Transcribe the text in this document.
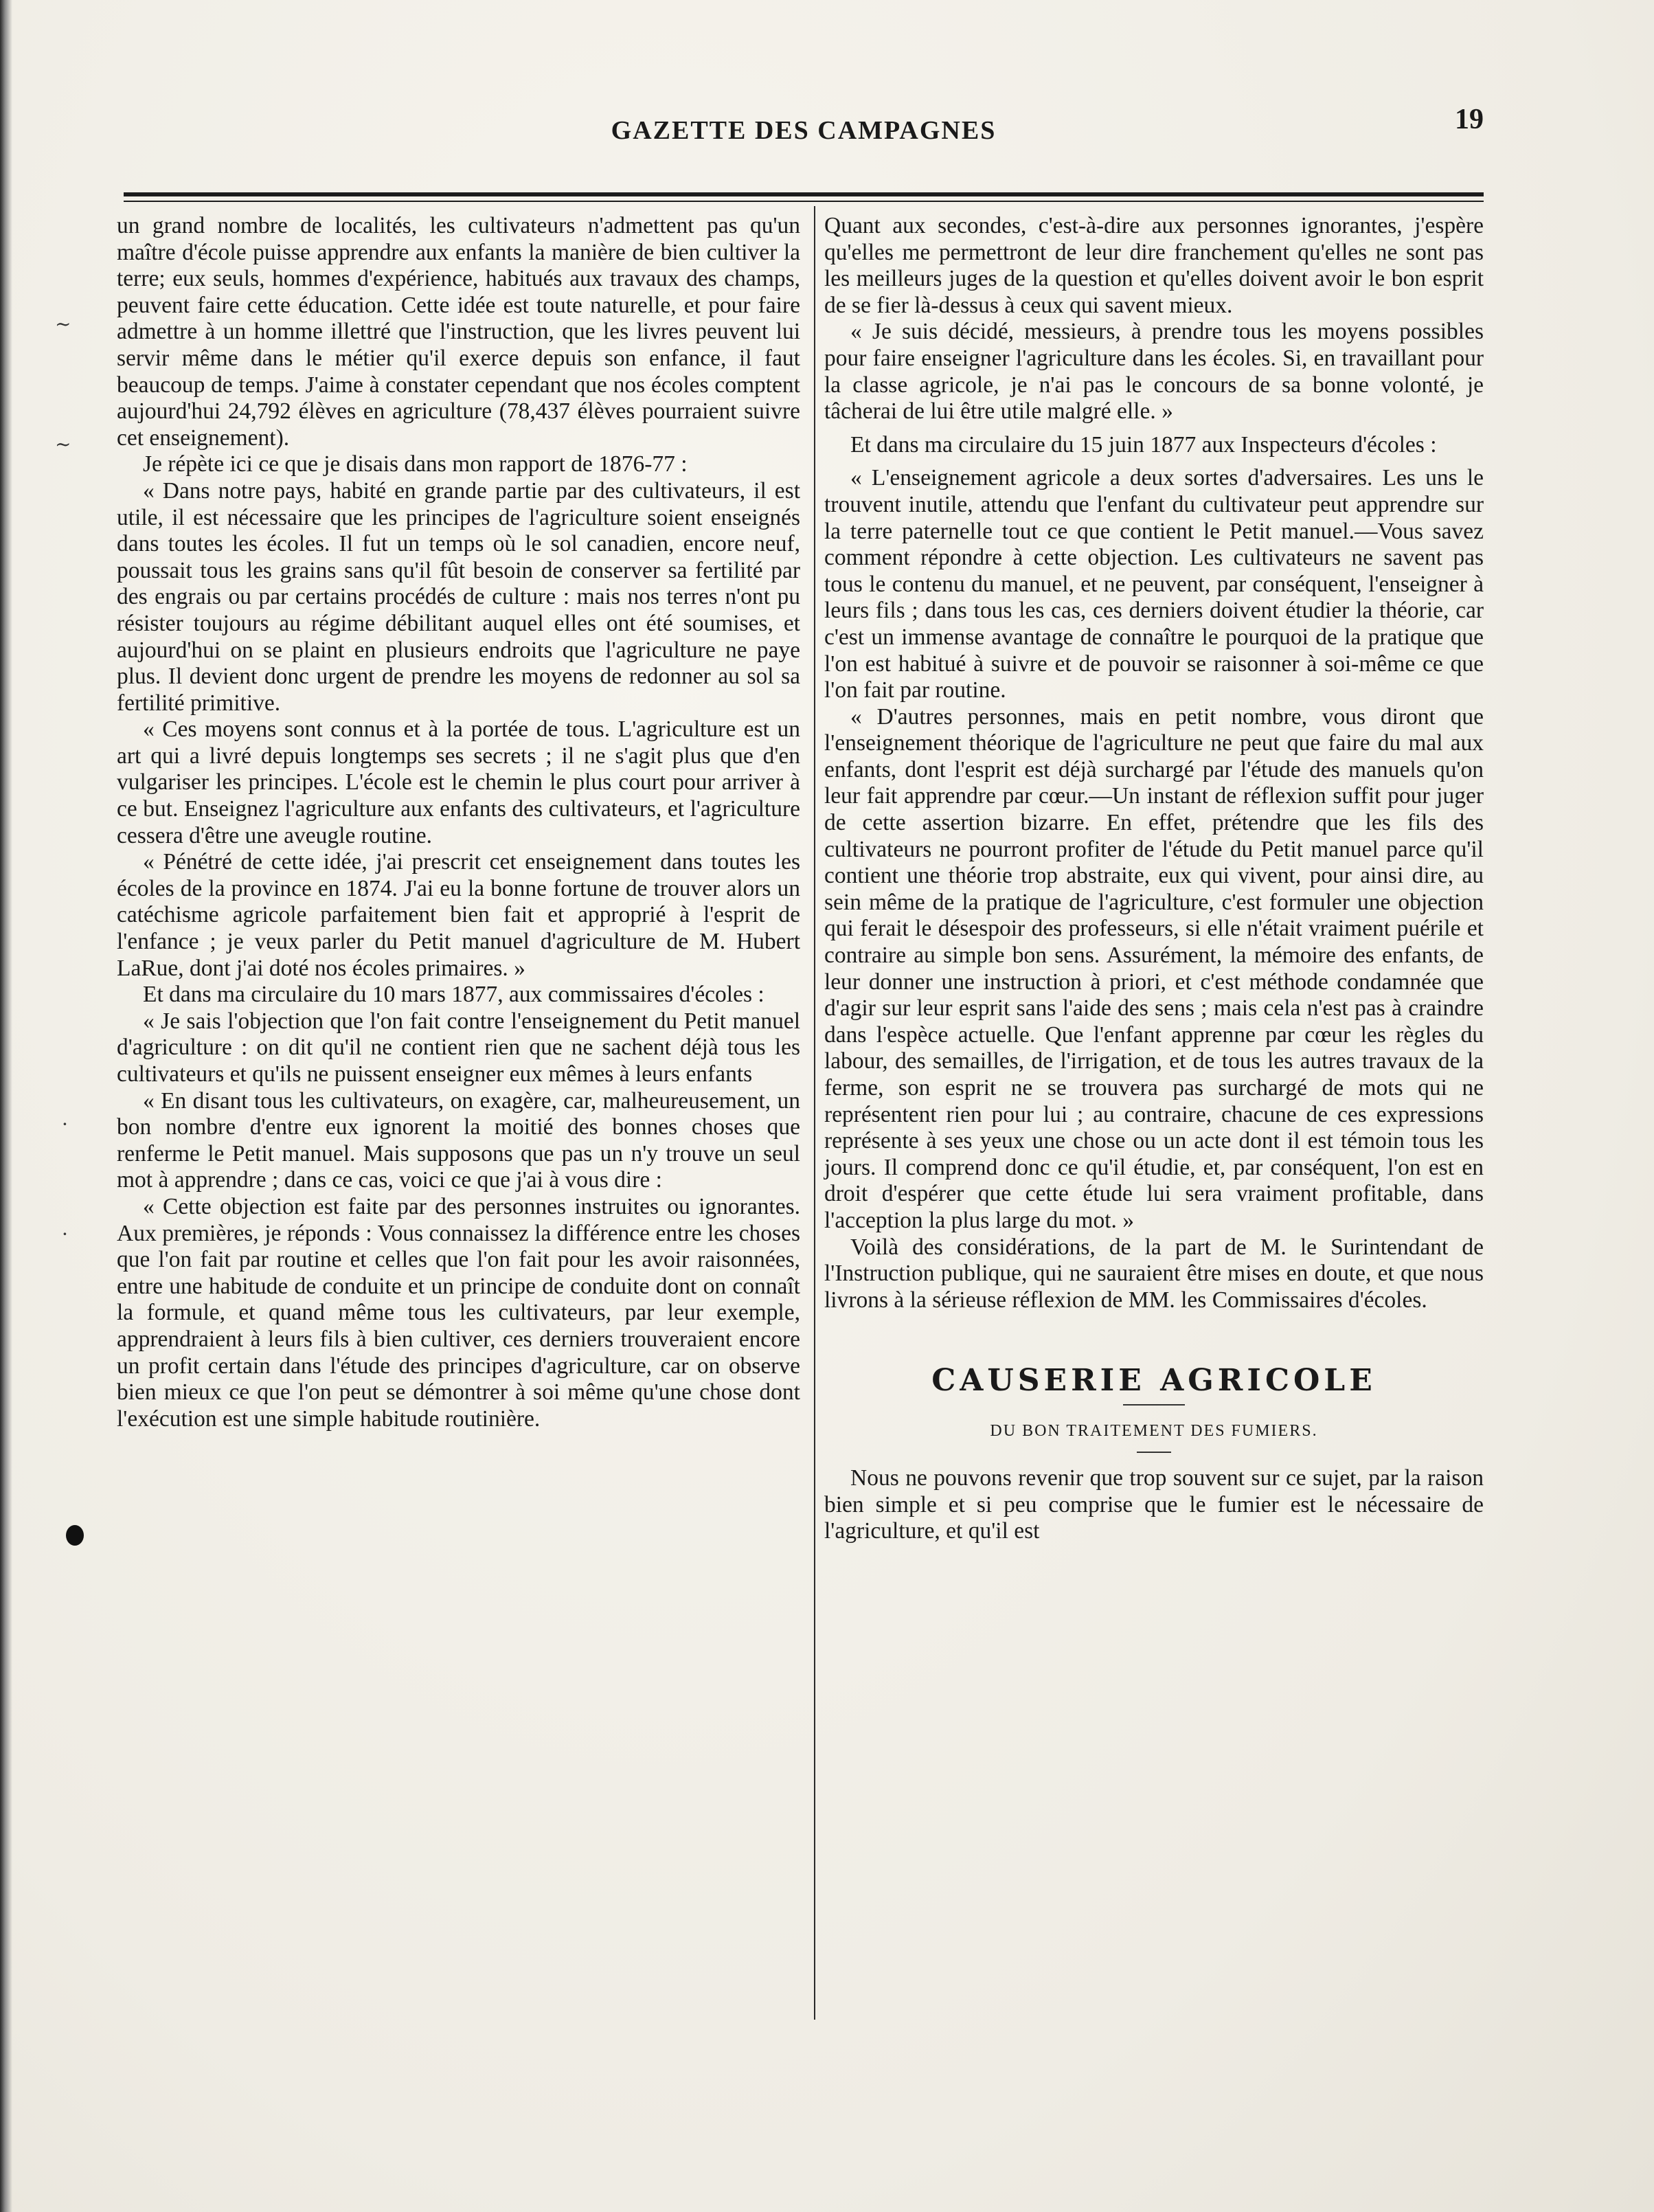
GAZETTE DES CAMPAGNES	19
~
~
·
·

un grand nombre de localités, les cultivateurs n'admettent pas qu'un maître d'école puisse apprendre aux enfants la manière de bien cultiver la terre; eux seuls, hommes d'expérience, habitués aux travaux des champs, peuvent faire cette éducation. Cette idée est toute naturelle, et pour faire admettre à un homme illettré que l'instruction, que les livres peuvent lui servir même dans le métier qu'il exerce depuis son enfance, il faut beaucoup de temps. J'aime à constater cependant que nos écoles comptent aujourd'hui 24,792 élèves en agriculture (78,437 élèves pourraient suivre cet enseignement).

Je répète ici ce que je disais dans mon rapport de 1876-77 :

« Dans notre pays, habité en grande partie par des cultivateurs, il est utile, il est nécessaire que les principes de l'agriculture soient enseignés dans toutes les écoles. Il fut un temps où le sol canadien, encore neuf, poussait tous les grains sans qu'il fût besoin de conserver sa fertilité par des engrais ou par certains procédés de culture : mais nos terres n'ont pu résister toujours au régime débilitant auquel elles ont été soumises, et aujourd'hui on se plaint en plusieurs endroits que l'agriculture ne paye plus. Il devient donc urgent de prendre les moyens de redonner au sol sa fertilité primitive.

« Ces moyens sont connus et à la portée de tous. L'agriculture est un art qui a livré depuis longtemps ses secrets ; il ne s'agit plus que d'en vulgariser les principes. L'école est le chemin le plus court pour arriver à ce but. Enseignez l'agriculture aux enfants des cultivateurs, et l'agriculture cessera d'être une aveugle routine.

« Pénétré de cette idée, j'ai prescrit cet enseignement dans toutes les écoles de la province en 1874. J'ai eu la bonne fortune de trouver alors un catéchisme agricole parfaitement bien fait et approprié à l'esprit de l'enfance ; je veux parler du Petit manuel d'agriculture de M. Hubert LaRue, dont j'ai doté nos écoles primaires. »

Et dans ma circulaire du 10 mars 1877, aux commissaires d'écoles :

« Je sais l'objection que l'on fait contre l'enseignement du Petit manuel d'agriculture : on dit qu'il ne contient rien que ne sachent déjà tous les cultivateurs et qu'ils ne puissent enseigner eux mêmes à leurs enfants

« En disant tous les cultivateurs, on exagère, car, malheureusement, un bon nombre d'entre eux ignorent la moitié des bonnes choses que renferme le Petit manuel. Mais supposons que pas un n'y trouve un seul mot à apprendre ; dans ce cas, voici ce que j'ai à vous dire :

« Cette objection est faite par des personnes instruites ou ignorantes. Aux premières, je réponds : Vous connaissez la différence entre les choses que l'on fait par routine et celles que l'on fait pour les avoir raisonnées, entre une habitude de conduite et un principe de conduite dont on connaît la formule, et quand même tous les cultivateurs, par leur exemple, apprendraient à leurs fils à bien cultiver, ces derniers trouveraient encore un profit certain dans l'étude des principes d'agriculture, car on observe bien mieux ce que l'on peut se démontrer à soi même qu'une chose dont l'exécution est une simple habitude routinière.

Quant aux secondes, c'est-à-dire aux personnes ignorantes, j'espère qu'elles me permettront de leur dire franchement qu'elles ne sont pas les meilleurs juges de la question et qu'elles doivent avoir le bon esprit de se fier là-dessus à ceux qui savent mieux.

« Je suis décidé, messieurs, à prendre tous les moyens possibles pour faire enseigner l'agriculture dans les écoles. Si, en travaillant pour la classe agricole, je n'ai pas le concours de sa bonne volonté, je tâcherai de lui être utile malgré elle. »

Et dans ma circulaire du 15 juin 1877 aux Inspecteurs d'écoles :

« L'enseignement agricole a deux sortes d'adversaires. Les uns le trouvent inutile, attendu que l'enfant du cultivateur peut apprendre sur la terre paternelle tout ce que contient le Petit manuel.—Vous savez comment répondre à cette objection. Les cultivateurs ne savent pas tous le contenu du manuel, et ne peuvent, par conséquent, l'enseigner à leurs fils ; dans tous les cas, ces derniers doivent étudier la théorie, car c'est un immense avantage de connaître le pourquoi de la pratique que l'on est habitué à suivre et de pouvoir se raisonner à soi-même ce que l'on fait par routine.

« D'autres personnes, mais en petit nombre, vous diront que l'enseignement théorique de l'agriculture ne peut que faire du mal aux enfants, dont l'esprit est déjà surchargé par l'étude des manuels qu'on leur fait apprendre par cœur.—Un instant de réflexion suffit pour juger de cette assertion bizarre. En effet, prétendre que les fils des cultivateurs ne pourront profiter de l'étude du Petit manuel parce qu'il contient une théorie trop abstraite, eux qui vivent, pour ainsi dire, au sein même de la pratique de l'agriculture, c'est formuler une objection qui ferait le désespoir des professeurs, si elle n'était vraiment puérile et contraire au simple bon sens. Assurément, la mémoire des enfants, de leur donner une instruction à priori, et c'est méthode condamnée que d'agir sur leur esprit sans l'aide des sens ; mais cela n'est pas à craindre dans l'espèce actuelle. Que l'enfant apprenne par cœur les règles du labour, des semailles, de l'irrigation, et de tous les autres travaux de la ferme, son esprit ne se trouvera pas surchargé de mots qui ne représentent rien pour lui ; au contraire, chacune de ces expressions représente à ses yeux une chose ou un acte dont il est témoin tous les jours. Il comprend donc ce qu'il étudie, et, par conséquent, l'on est en droit d'espérer que cette étude lui sera vraiment profitable, dans l'acception la plus large du mot. »

Voilà des considérations, de la part de M. le Surintendant de l'Instruction publique, qui ne sauraient être mises en doute, et que nous livrons à la sérieuse réflexion de MM. les Commissaires d'écoles.

CAUSERIE AGRICOLE
DU BON TRAITEMENT DES FUMIERS.

Nous ne pouvons revenir que trop souvent sur ce sujet, par la raison bien simple et si peu comprise que le fumier est le nécessaire de l'agriculture, et qu'il est
